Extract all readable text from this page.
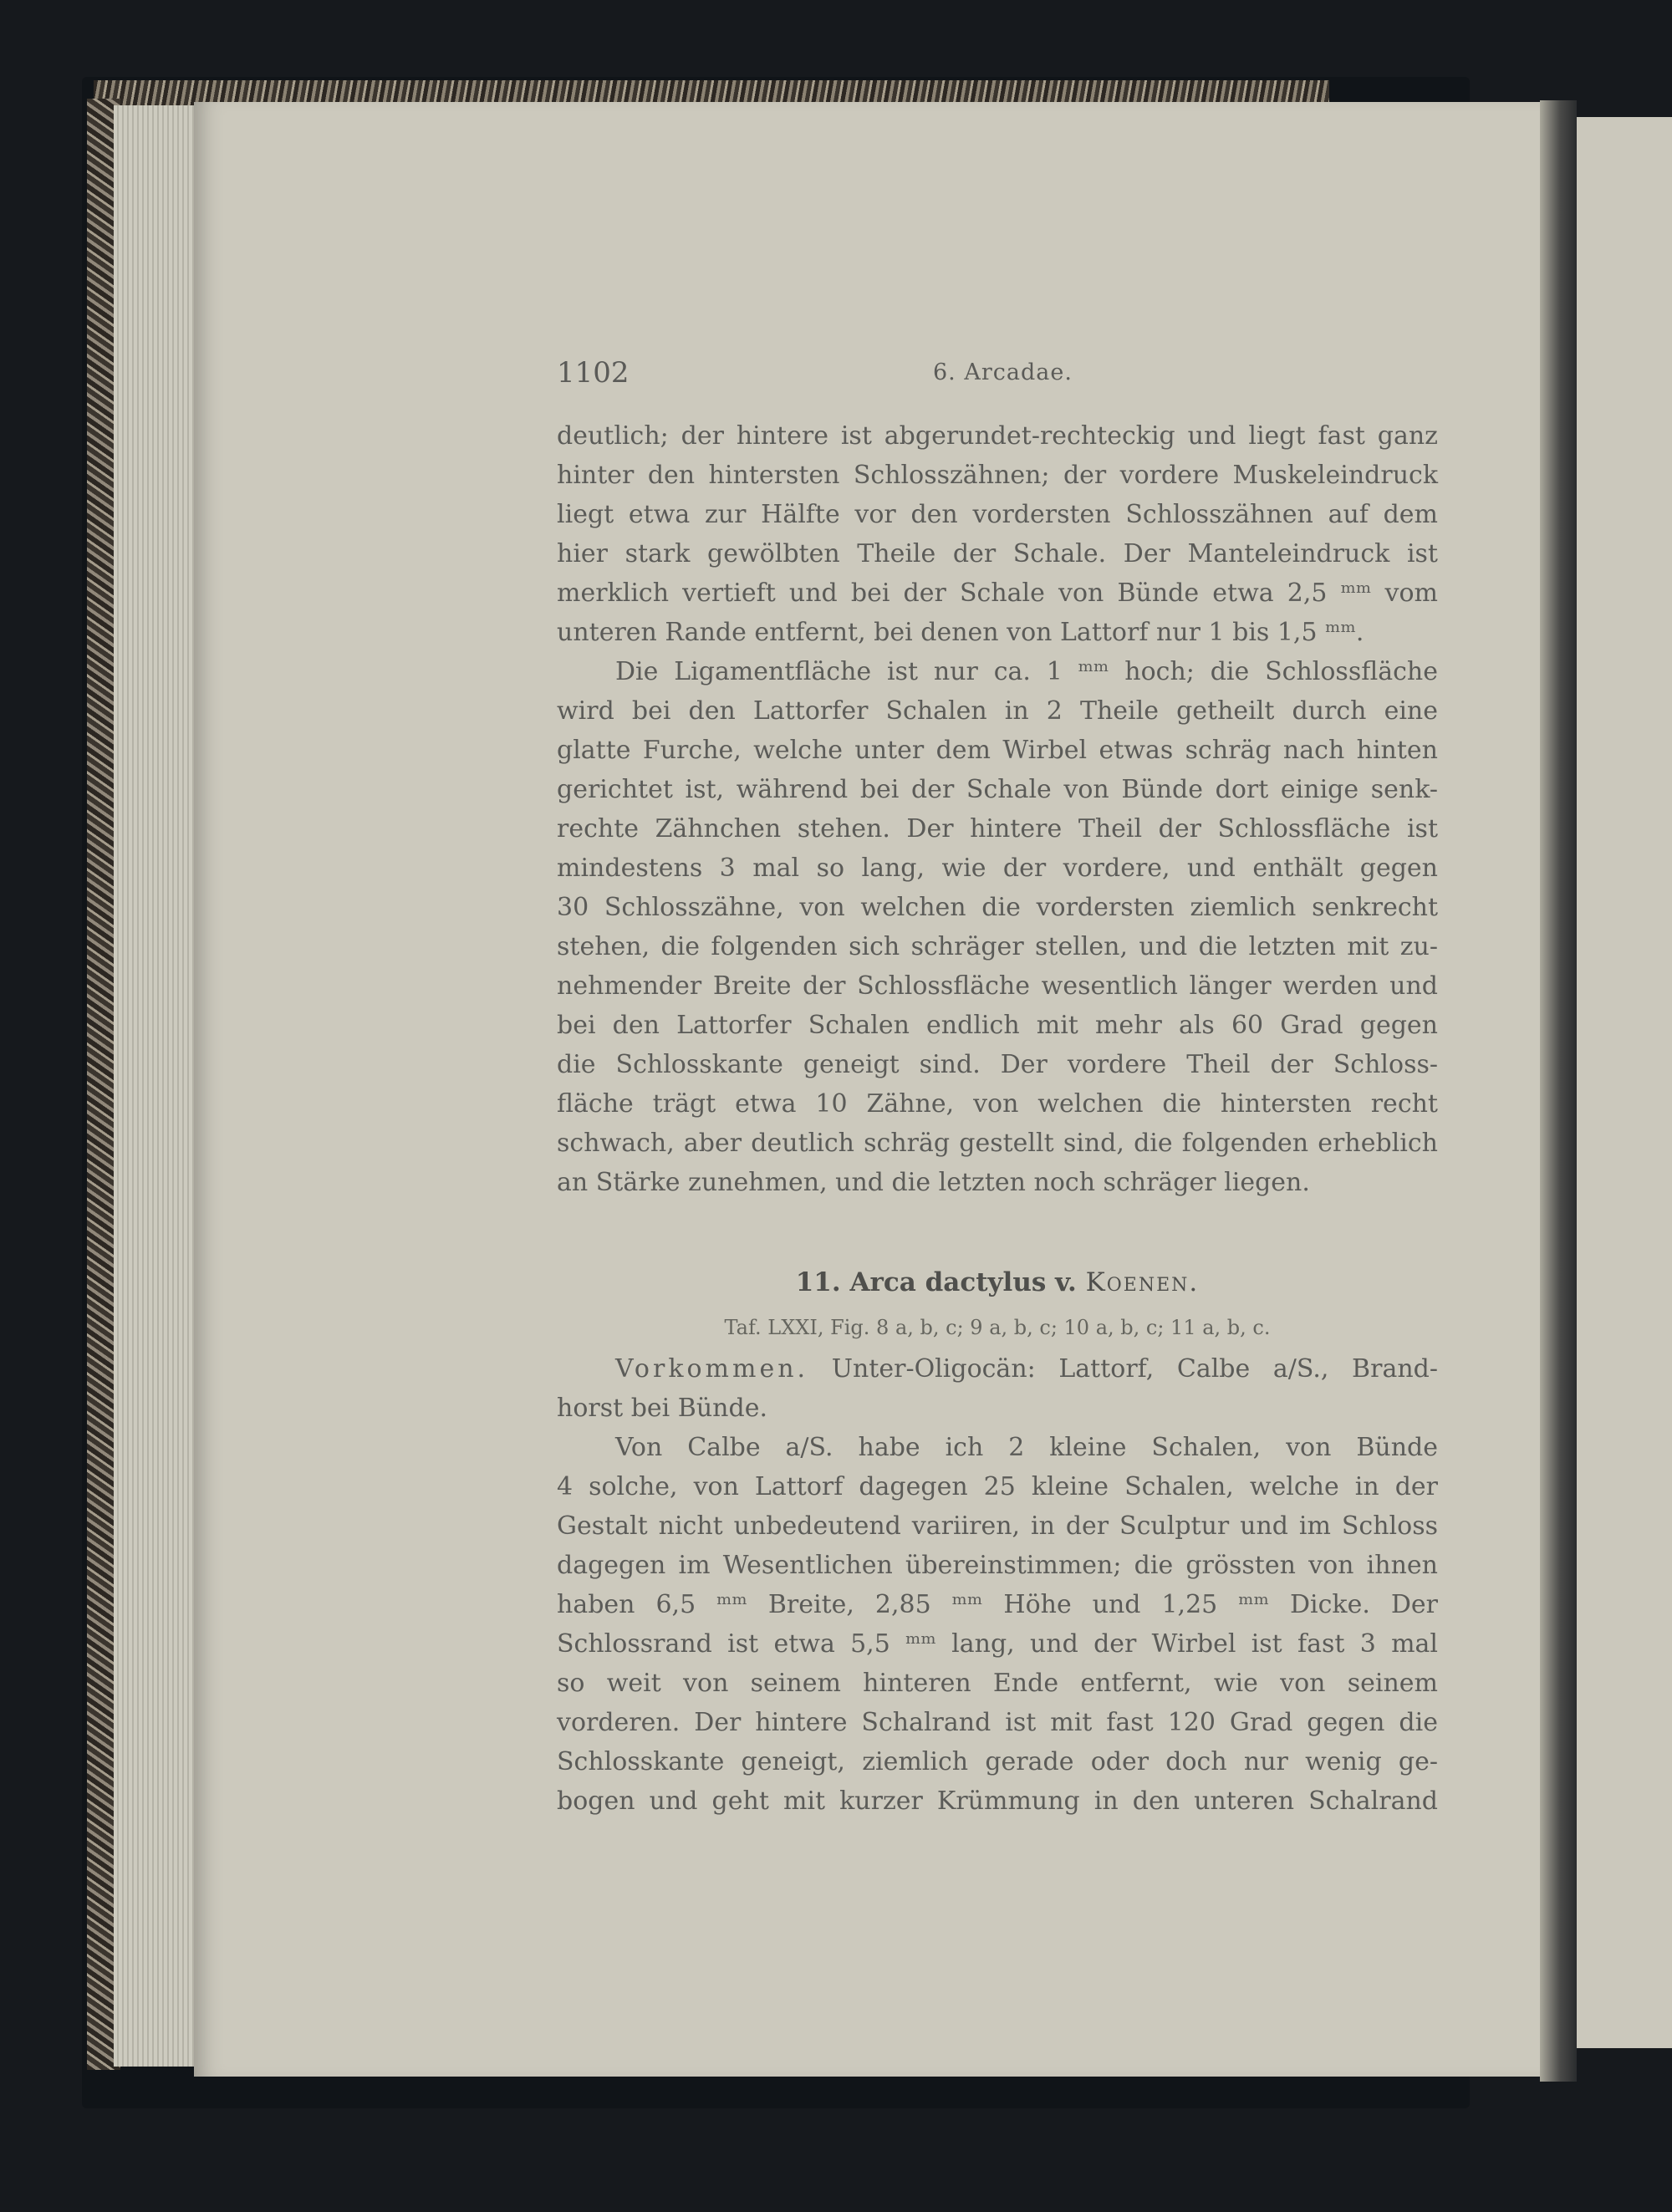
1102	6. Arcadae.
deutlich; der hintere ist abgerundet-rechteckig und liegt fast ganz
hinter den hintersten Schlosszähnen; der vordere Muskeleindruck
liegt etwa zur Hälfte vor den vordersten Schlosszähnen auf dem
hier stark gewölbten Theile der Schale. Der Manteleindruck ist
merklich vertieft und bei der Schale von Bünde etwa 2,5 ᵐᵐ vom
unteren Rande entfernt, bei denen von Lattorf nur 1 bis 1,5 ᵐᵐ.
Die Ligamentfläche ist nur ca. 1 ᵐᵐ hoch; die Schlossfläche
wird bei den Lattorfer Schalen in 2 Theile getheilt durch eine
glatte Furche, welche unter dem Wirbel etwas schräg nach hinten
gerichtet ist, während bei der Schale von Bünde dort einige senk-
rechte Zähnchen stehen. Der hintere Theil der Schlossfläche ist
mindestens 3 mal so lang, wie der vordere, und enthält gegen
30 Schlosszähne, von welchen die vordersten ziemlich senkrecht
stehen, die folgenden sich schräger stellen, und die letzten mit zu-
nehmender Breite der Schlossfläche wesentlich länger werden und
bei den Lattorfer Schalen endlich mit mehr als 60 Grad gegen
die Schlosskante geneigt sind. Der vordere Theil der Schloss-
fläche trägt etwa 10 Zähne, von welchen die hintersten recht
schwach, aber deutlich schräg gestellt sind, die folgenden erheblich
an Stärke zunehmen, und die letzten noch schräger liegen.
11. Arca dactylus v. Koenen.
Taf. LXXI, Fig. 8 a, b, c; 9 a, b, c; 10 a, b, c; 11 a, b, c.
Vorkommen. Unter-Oligocän: Lattorf, Calbe a/S., Brand-
horst bei Bünde.
Von Calbe a/S. habe ich 2 kleine Schalen, von Bünde
4 solche, von Lattorf dagegen 25 kleine Schalen, welche in der
Gestalt nicht unbedeutend variiren, in der Sculptur und im Schloss
dagegen im Wesentlichen übereinstimmen; die grössten von ihnen
haben 6,5 ᵐᵐ Breite, 2,85 ᵐᵐ Höhe und 1,25 ᵐᵐ Dicke. Der
Schlossrand ist etwa 5,5 ᵐᵐ lang, und der Wirbel ist fast 3 mal
so weit von seinem hinteren Ende entfernt, wie von seinem
vorderen. Der hintere Schalrand ist mit fast 120 Grad gegen die
Schlosskante geneigt, ziemlich gerade oder doch nur wenig ge-
bogen und geht mit kurzer Krümmung in den unteren Schalrand
